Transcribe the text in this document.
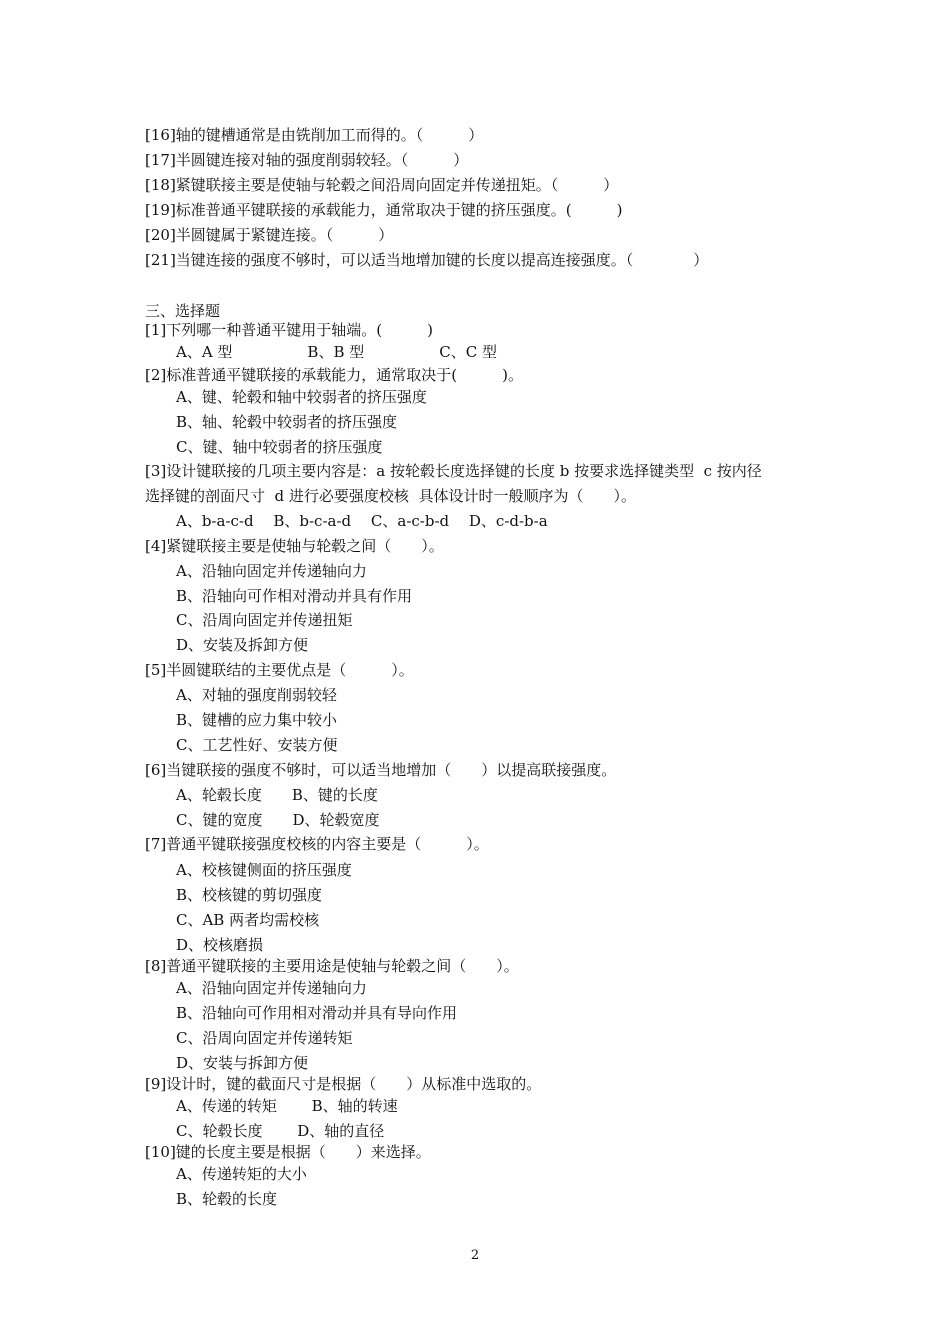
[16]轴的键槽通常是由铣削加工而得的。（　　　）
[17]半圆键连接对轴的强度削弱较轻。（　　　）
[18]紧键联接主要是使轴与轮毂之间沿周向固定并传递扭矩。（　　　）
[19]标准普通平键联接的承载能力，通常取决于键的挤压强度。(　　　)
[20]半圆键属于紧键连接。（　　　）
[21]当键连接的强度不够时，可以适当地增加键的长度以提高连接强度。（　　　　）
三、选择题
[1]下列哪一种普通平键用于轴端。(　　　)
A、A 型　　　　　B、B 型　　　　　C、C 型
[2]标准普通平键联接的承载能力，通常取决于(　　　)。
A、键、轮毂和轴中较弱者的挤压强度
B、轴、轮毂中较弱者的挤压强度
C、键、轴中较弱者的挤压强度
[3]设计键联接的几项主要内容是：a 按轮毂长度选择键的长度 b 按要求选择键类型  c 按内径
选择键的剖面尺寸  d 进行必要强度校核  具体设计时一般顺序为（　　）。
A、b-a-c-d　 B、b-c-a-d　 C、a-c-b-d　 D、c-d-b-a
[4]紧键联接主要是使轴与轮毂之间（　　）。
A、沿轴向固定并传递轴向力
B、沿轴向可作相对滑动并具有作用
C、沿周向固定并传递扭矩
D、安装及拆卸方便
[5]半圆键联结的主要优点是（　　　）。
A、对轴的强度削弱较轻
B、键槽的应力集中较小
C、工艺性好、安装方便
[6]当键联接的强度不够时，可以适当地增加（　　）以提高联接强度。
A、轮毂长度　　B、键的长度
C、键的宽度　　D、轮毂宽度
[7]普通平键联接强度校核的内容主要是（　　　）。
A、校核键侧面的挤压强度
B、校核键的剪切强度
C、AB 两者均需校核
D、校核磨损
[8]普通平键联接的主要用途是使轴与轮毂之间（　　）。
A、沿轴向固定并传递轴向力
B、沿轴向可作用相对滑动并具有导向作用
C、沿周向固定并传递转矩
D、安装与拆卸方便
[9]设计时，键的截面尺寸是根据（　　）从标准中选取的。
A、传递的转矩　　 B、轴的转速
C、轮毂长度　　 D、轴的直径
[10]键的长度主要是根据（　　）来选择。
A、传递转矩的大小
B、轮毂的长度
2
